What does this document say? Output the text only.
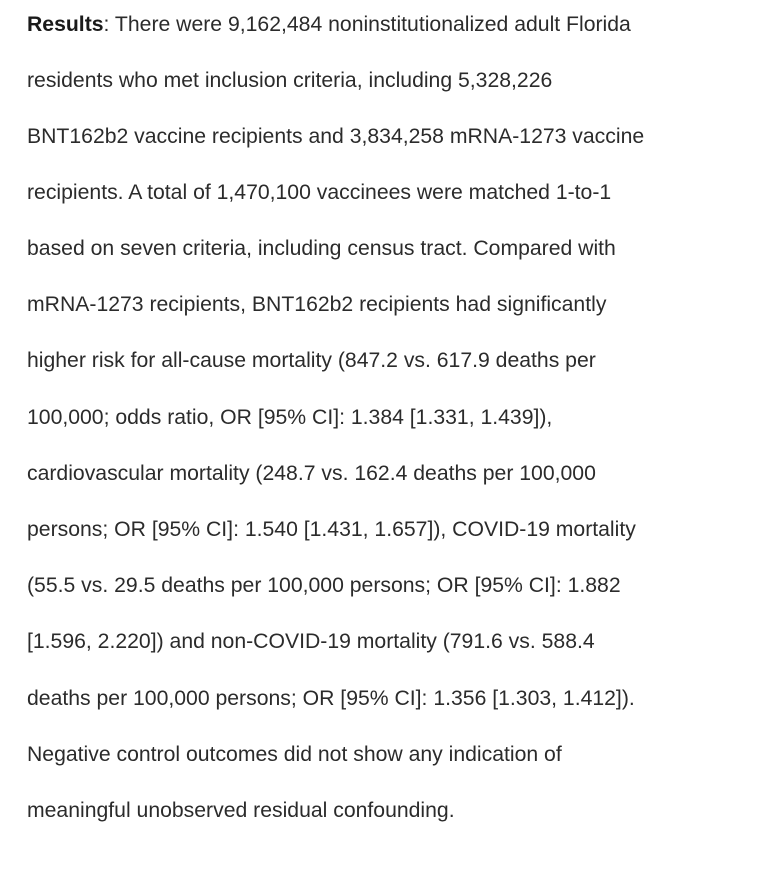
Results: There were 9,162,484 noninstitutionalized adult Florida
residents who met inclusion criteria, including 5,328,226
BNT162b2 vaccine recipients and 3,834,258 mRNA-1273 vaccine
recipients. A total of 1,470,100 vaccinees were matched 1-to-1
based on seven criteria, including census tract. Compared with
mRNA-1273 recipients, BNT162b2 recipients had significantly
higher risk for all-cause mortality (847.2 vs. 617.9 deaths per
100,000; odds ratio, OR [95% CI]: 1.384 [1.331, 1.439]),
cardiovascular mortality (248.7 vs. 162.4 deaths per 100,000
persons; OR [95% CI]: 1.540 [1.431, 1.657]), COVID-19 mortality
(55.5 vs. 29.5 deaths per 100,000 persons; OR [95% CI]: 1.882
[1.596, 2.220]) and non-COVID-19 mortality (791.6 vs. 588.4
deaths per 100,000 persons; OR [95% CI]: 1.356 [1.303, 1.412]).
Negative control outcomes did not show any indication of
meaningful unobserved residual confounding.
